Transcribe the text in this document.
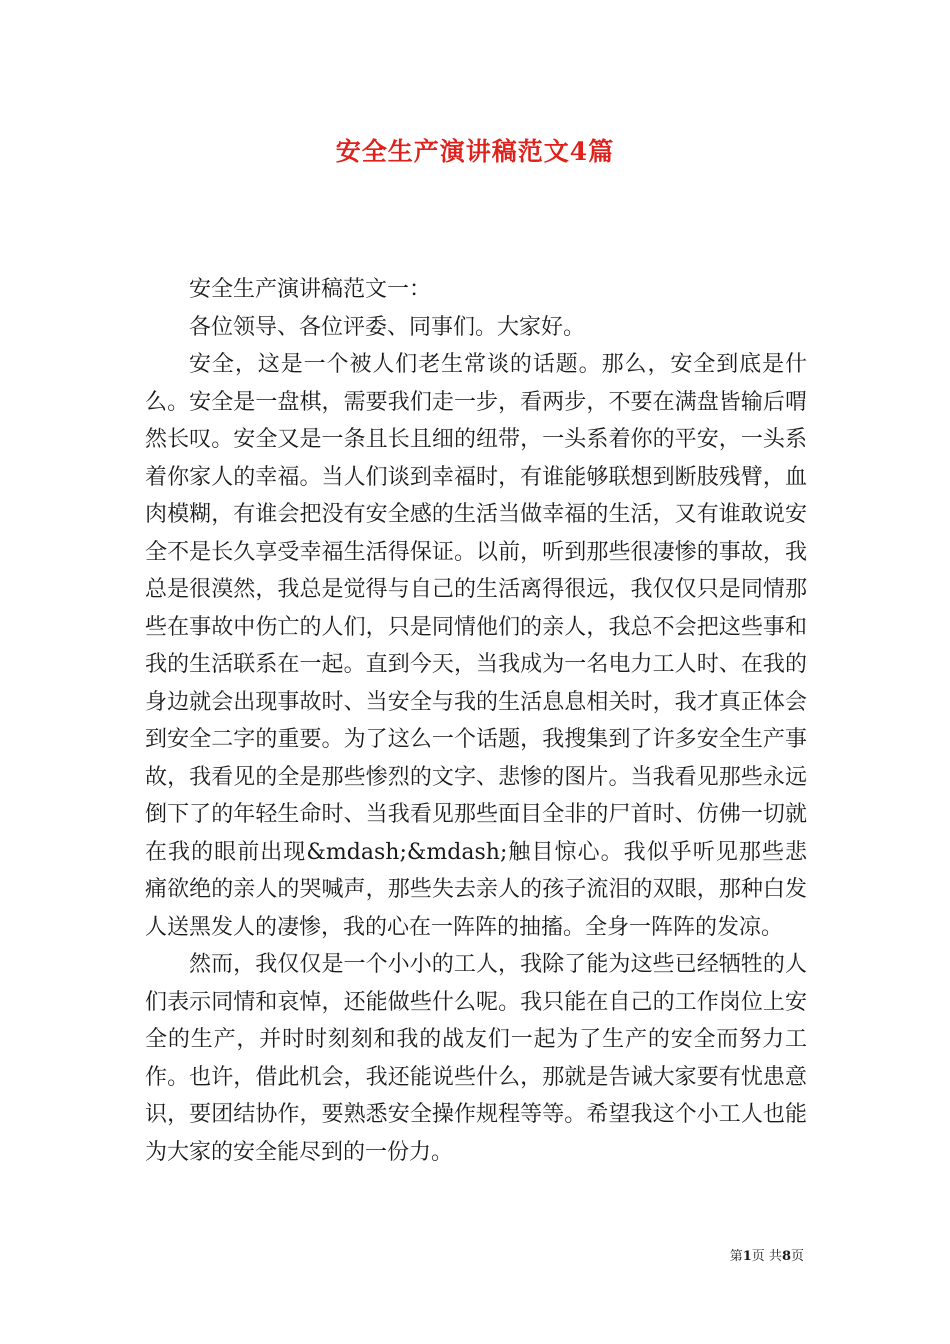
安全生产演讲稿范文4篇

安全生产演讲稿范文一：

各位领导、各位评委、同事们。大家好。

安全，这是一个被人们老生常谈的话题。那么，安全到底是什么。安全是一盘棋，需要我们走一步，看两步，不要在满盘皆输后喟然长叹。安全又是一条且长且细的纽带，一头系着你的平安，一头系着你家人的幸福。当人们谈到幸福时，有谁能够联想到断肢残臂，血肉模糊，有谁会把没有安全感的生活当做幸福的生活，又有谁敢说安全不是长久享受幸福生活得保证。以前，听到那些很凄惨的事故，我总是很漠然，我总是觉得与自己的生活离得很远，我仅仅只是同情那些在事故中伤亡的人们，只是同情他们的亲人，我总不会把这些事和我的生活联系在一起。直到今天，当我成为一名电力工人时、在我的身边就会出现事故时、当安全与我的生活息息相关时，我才真正体会到安全二字的重要。为了这么一个话题，我搜集到了许多安全生产事故，我看见的全是那些惨烈的文字、悲惨的图片。当我看见那些永远倒下了的年轻生命时、当我看见那些面目全非的尸首时、仿佛一切就在我的眼前出现&mdash;&mdash;触目惊心。我似乎听见那些悲痛欲绝的亲人的哭喊声，那些失去亲人的孩子流泪的双眼，那种白发人送黑发人的凄惨，我的心在一阵阵的抽搐。全身一阵阵的发凉。

然而，我仅仅是一个小小的工人，我除了能为这些已经牺牲的人们表示同情和哀悼，还能做些什么呢。我只能在自己的工作岗位上安全的生产，并时时刻刻和我的战友们一起为了生产的安全而努力工作。也许，借此机会，我还能说些什么，那就是告诫大家要有忧患意识，要团结协作，要熟悉安全操作规程等等。希望我这个小工人也能为大家的安全能尽到的一份力。

第1页 共8页
